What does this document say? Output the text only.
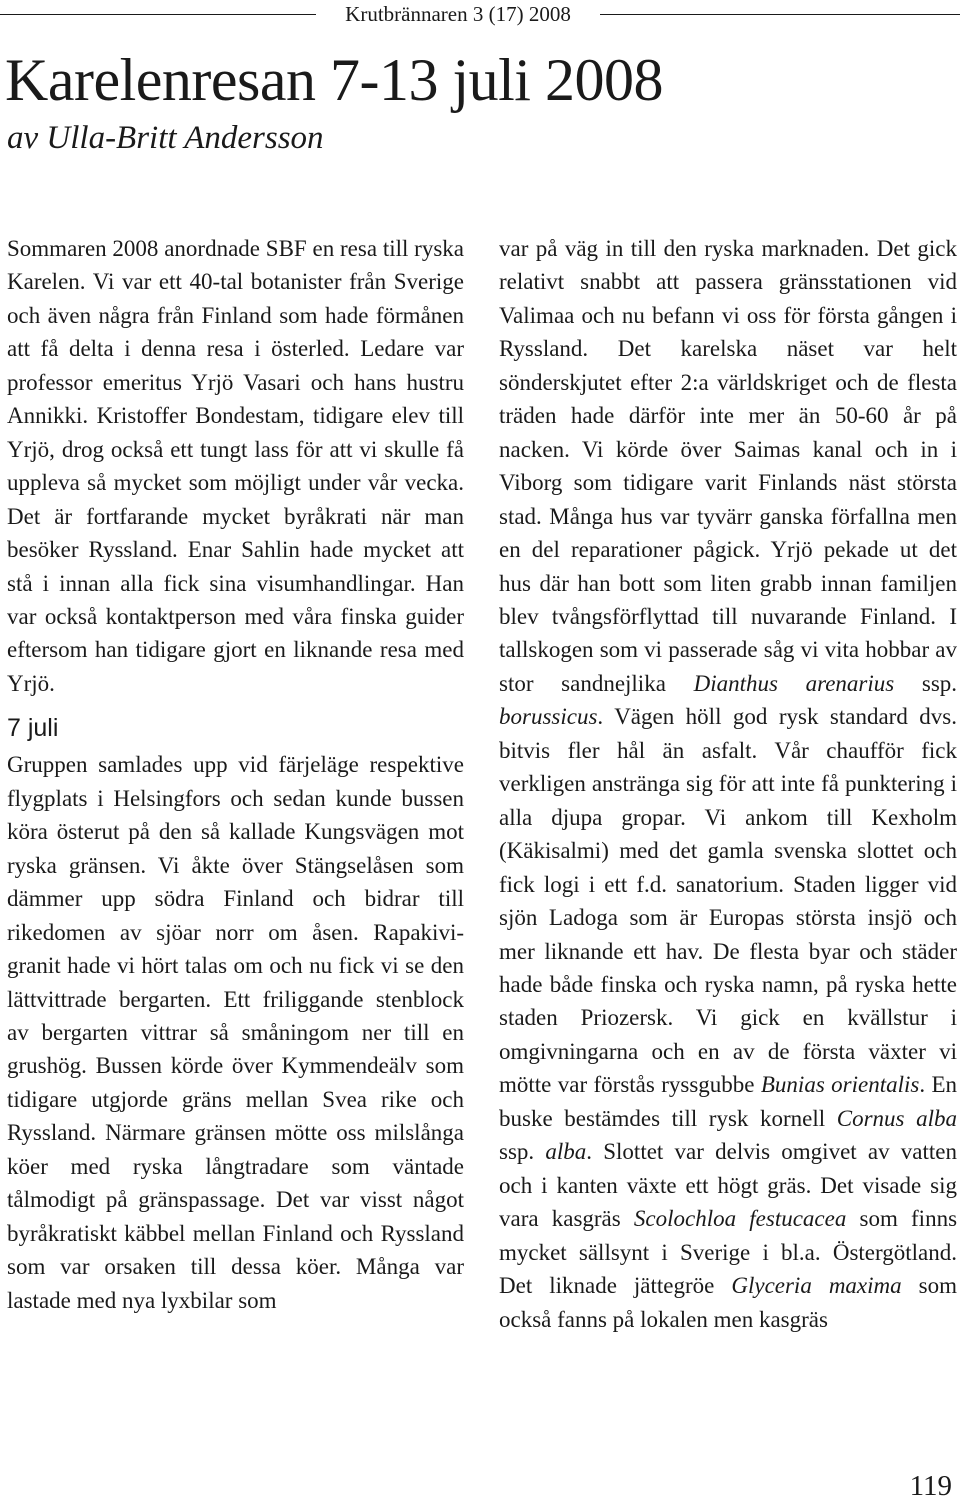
Krutbrännaren 3 (17) 2008
Karelenresan 7-13 juli 2008
av Ulla-Britt Andersson

Sommaren 2008 anordnade SBF en resa till ryska Karelen. Vi var ett 40-tal botanister från Sverige och även några från Finland som hade förmånen att få delta i denna resa i österled. Ledare var professor emeritus Yrjö Vasari och hans hustru Annikki. Kristoffer Bondestam, tidigare elev till Yrjö, drog också ett tungt lass för att vi skulle få uppleva så mycket som möjligt under vår vecka. Det är fortfarande mycket byråkrati när man besöker Ryssland. Enar Sahlin hade mycket att stå i innan alla fick sina visumhandlingar. Han var också kontaktperson med våra finska guider eftersom han tidigare gjort en liknande resa med Yrjö.

7 juli

Gruppen samlades upp vid färjeläge respektive flygplats i Helsingfors och sedan kunde bussen köra österut på den så kallade Kungsvägen mot ryska gränsen. Vi åkte över Stängselåsen som dämmer upp södra Finland och bidrar till rikedomen av sjöar norr om åsen. Rapakivi-granit hade vi hört talas om och nu fick vi se den lättvittrade bergarten. Ett friliggande stenblock av bergarten vittrar så småningom ner till en grushög. Bussen körde över Kymmendeälv som tidigare utgjorde gräns mellan Svea rike och Ryssland. Närmare gränsen mötte oss milslånga köer med ryska långtradare som väntade tålmodigt på gränspassage. Det var visst något byråkratiskt käbbel mellan Finland och Ryssland som var orsaken till dessa köer. Många var lastade med nya lyxbilar som

var på väg in till den ryska marknaden. Det gick relativt snabbt att passera gränsstationen vid Valimaa och nu befann vi oss för första gången i Ryssland. Det karelska näset var helt sönderskjutet efter 2:a världskriget och de flesta träden hade därför inte mer än 50-60 år på nacken. Vi körde över Saimas kanal och in i Viborg som tidigare varit Finlands näst största stad. Många hus var tyvärr ganska förfallna men en del reparationer pågick. Yrjö pekade ut det hus där han bott som liten grabb innan familjen blev tvångsförflyttad till nuvarande Finland. I tallskogen som vi passerade såg vi vita hobbar av stor sandnejlika Dianthus arenarius ssp. borussicus. Vägen höll god rysk standard dvs. bitvis fler hål än asfalt. Vår chaufför fick verkligen anstränga sig för att inte få punktering i alla djupa gropar. Vi ankom till Kexholm (Käkisalmi) med det gamla svenska slottet och fick logi i ett f.d. sanatorium. Staden ligger vid sjön Ladoga som är Europas största insjö och mer liknande ett hav. De flesta byar och städer hade både finska och ryska namn, på ryska hette staden Priozersk. Vi gick en kvällstur i omgivningarna och en av de första växter vi mötte var förstås ryssgubbe Bunias orientalis. En buske bestämdes till rysk kornell Cornus alba ssp. alba. Slottet var delvis omgivet av vatten och i kanten växte ett högt gräs. Det visade sig vara kasgräs Scolochloa festucacea som finns mycket sällsynt i Sverige i bl.a. Östergötland. Det liknade jättegröe Glyceria maxima som också fanns på lokalen men kasgräs

119
